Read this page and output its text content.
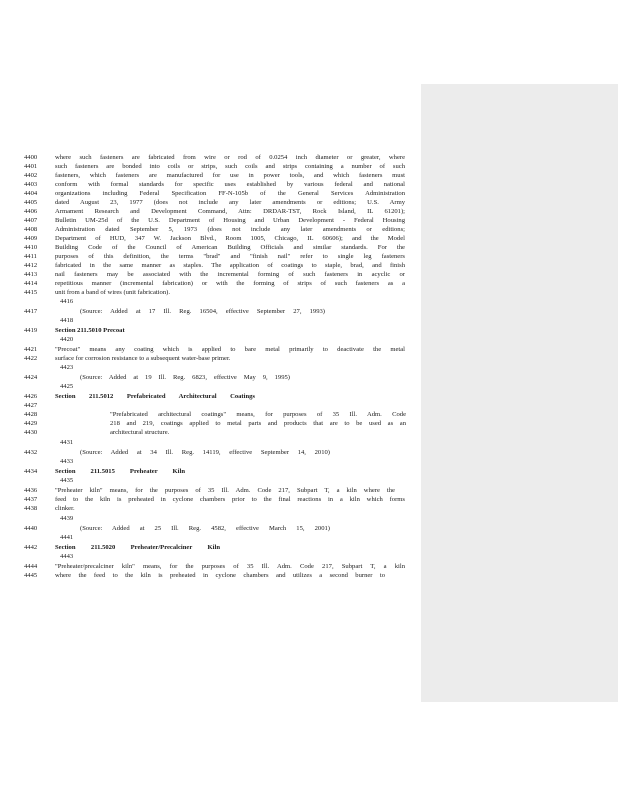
4400	where such fasteners are fabricated from wire or rod of 0.0254 inch diameter or greater, where
4401	such fasteners are bonded into coils or strips, such coils and strips containing a number of such
4402	fasteners, which fasteners are manufactured for use in power tools, and which fasteners must
4403	conform with formal standards for specific uses established by various federal and national
4404	organizations including Federal Specification FF-N-105b of the General Services Administration
4405	dated August 23, 1977 (does not include any later amendments or editions; U.S. Army
4406	Armament Research and Development Command, Attn: DRDAR-TST, Rock Island, IL 61201);
4407	Bulletin UM-25d of the U.S. Department of Housing and Urban Development - Federal Housing
4408	Administration dated September 5, 1973 (does not include any later amendments or editions;
4409	Department of HUD, 347 W. Jackson Blvd., Room 1005, Chicago, IL 60606); and the Model
4410	Building Code of the Council of American Building Officials and similar standards. For the
4411	purposes of this definition, the terms "brad" and "finish nail" refer to single leg fasteners
4412	fabricated in the same manner as staples. The application of coatings to staple, brad, and finish
4413	nail fasteners may be associated with the incremental forming of such fasteners in acyclic or
4414	repetitious manner (incremental fabrication) or with the forming of strips of such fasteners as a
4415	unit from a band of wires (unit fabrication).
4416
4417	(Source: Added at 17 Ill. Reg. 16504, effective September 27, 1993)
4418
4419	Section 211.5010 Precoat
4420
4421	"Precoat" means any coating which is applied to bare metal primarily to deactivate the metal
4422	surface for corrosion resistance to a subsequent water-base primer.
4423
4424	(Source: Added at 19 Ill. Reg. 6823, effective May 9, 1995)
4425
4426	Section 211.5012 Prefabricated Architectural Coatings
4427
4428	"Prefabricated architectural coatings" means, for purposes of 35 Ill. Adm. Code
4429	218 and 219, coatings applied to metal parts and products that are to be used as an
4430	architectural structure.
4431
4432	(Source: Added at 34 Ill. Reg. 14119, effective September 14, 2010)
4433
4434	Section 211.5015 Preheater Kiln
4435
4436	"Preheater kiln" means, for the purposes of 35 Ill. Adm. Code 217, Subpart T, a kiln where the
4437	feed to the kiln is preheated in cyclone chambers prior to the final reactions in a kiln which forms
4438	clinker.
4439
4440	(Source: Added at 25 Ill. Reg. 4582, effective March 15, 2001)
4441
4442	Section 211.5020 Preheater/Precalciner Kiln
4443
4444	"Preheater/precalciner kiln" means, for the purposes of 35 Ill. Adm. Code 217, Subpart T, a kiln
4445	where the feed to the kiln is preheated in cyclone chambers and utilizes a second burner to
